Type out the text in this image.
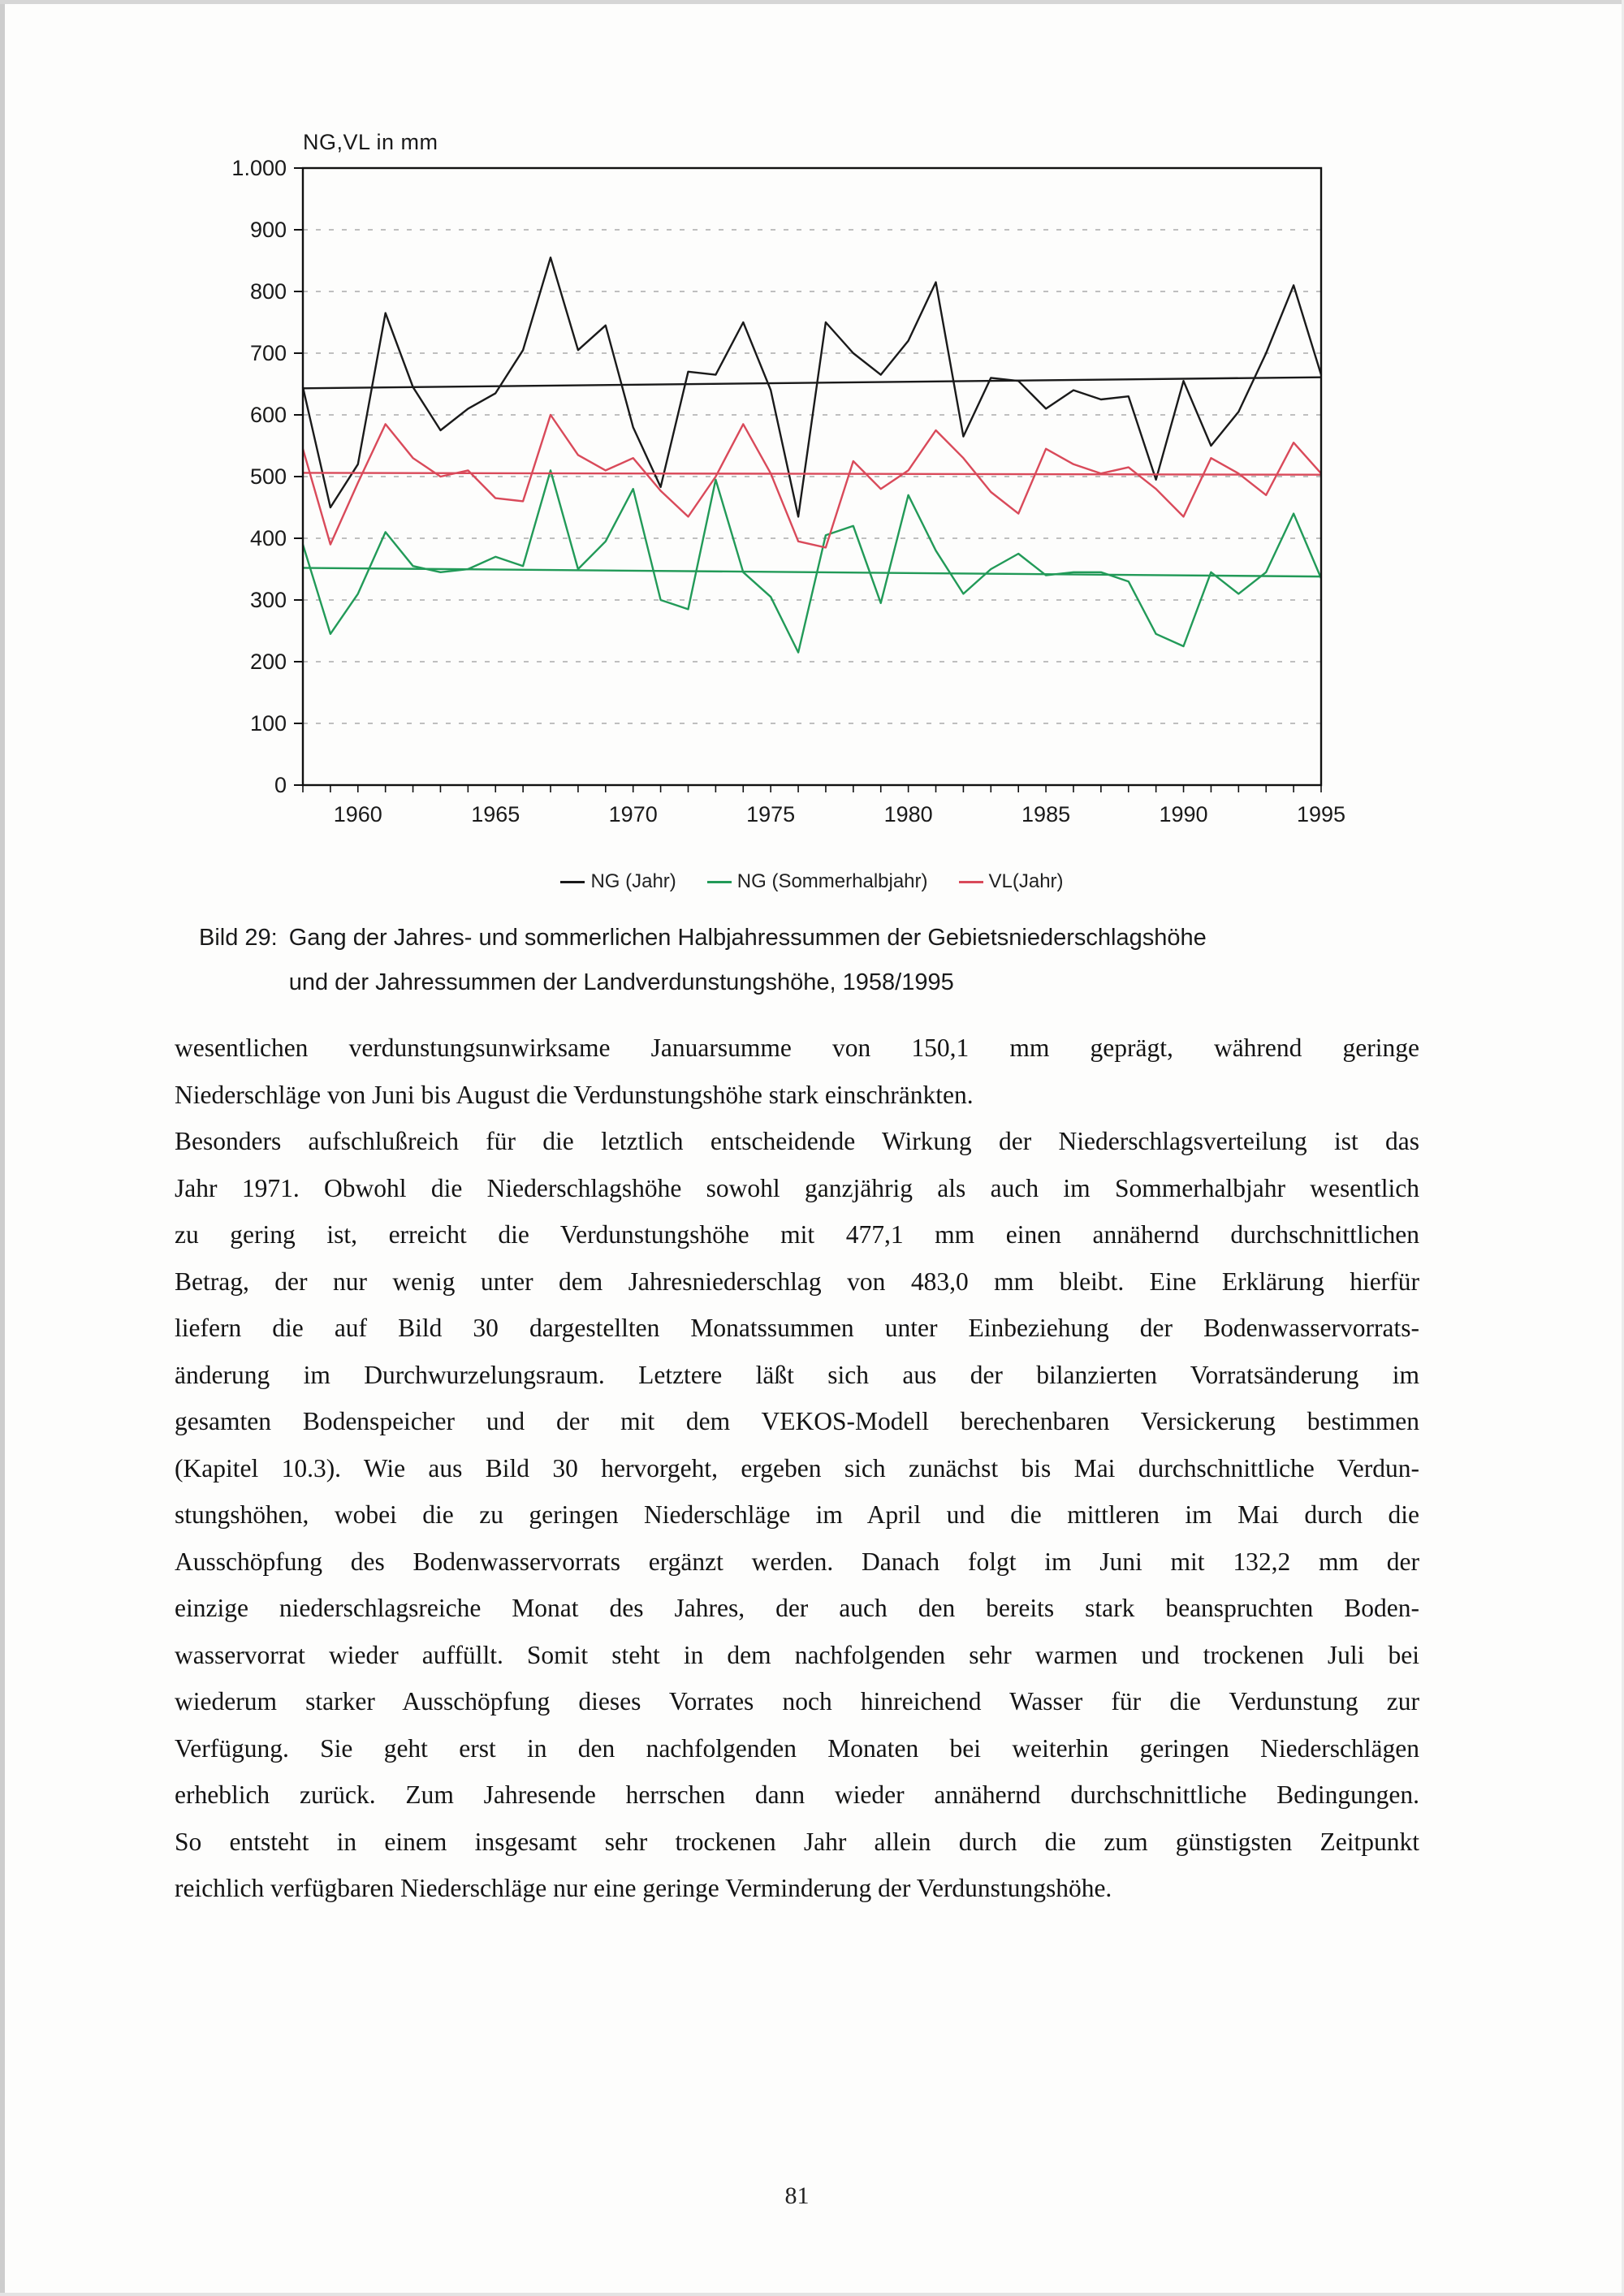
NG,VL in mm
0
100
200
300
400
500
600
700
800
900
1.000
1960	1965	1970	1975	1980	1985	1990	1995
NG (Jahr)	NG (Sommerhalbjahr)	VL(Jahr)
Bild 29: Gang der Jahres- und sommerlichen Halbjahressummen der Gebietsniederschlagshöhe
und der Jahressummen der Landverdunstungshöhe, 1958/1995
wesentlichen verdunstungsunwirksame Januarsumme von 150,1 mm geprägt, während geringe
Niederschläge von Juni bis August die Verdunstungshöhe stark einschränkten.
Besonders aufschlußreich für die letztlich entscheidende Wirkung der Niederschlagsverteilung ist das
Jahr 1971. Obwohl die Niederschlagshöhe sowohl ganzjährig als auch im Sommerhalbjahr wesentlich
zu gering ist, erreicht die Verdunstungshöhe mit 477,1 mm einen annähernd durchschnittlichen
Betrag, der nur wenig unter dem Jahresniederschlag von 483,0 mm bleibt. Eine Erklärung hierfür
liefern die auf Bild 30 dargestellten Monatssummen unter Einbeziehung der Bodenwasservorrats-
änderung im Durchwurzelungsraum. Letztere läßt sich aus der bilanzierten Vorratsänderung im
gesamten Bodenspeicher und der mit dem VEKOS-Modell berechenbaren Versickerung bestimmen
(Kapitel 10.3). Wie aus Bild 30 hervorgeht, ergeben sich zunächst bis Mai durchschnittliche Verdun-
stungshöhen, wobei die zu geringen Niederschläge im April und die mittleren im Mai durch die
Ausschöpfung des Bodenwasservorrats ergänzt werden. Danach folgt im Juni mit 132,2 mm der
einzige niederschlagsreiche Monat des Jahres, der auch den bereits stark beanspruchten Boden-
wasservorrat wieder auffüllt. Somit steht in dem nachfolgenden sehr warmen und trockenen Juli bei
wiederum starker Ausschöpfung dieses Vorrates noch hinreichend Wasser für die Verdunstung zur
Verfügung. Sie geht erst in den nachfolgenden Monaten bei weiterhin geringen Niederschlägen
erheblich zurück. Zum Jahresende herrschen dann wieder annähernd durchschnittliche Bedingungen.
So entsteht in einem insgesamt sehr trockenen Jahr allein durch die zum günstigsten Zeitpunkt
reichlich verfügbaren Niederschläge nur eine geringe Verminderung der Verdunstungshöhe.
81
